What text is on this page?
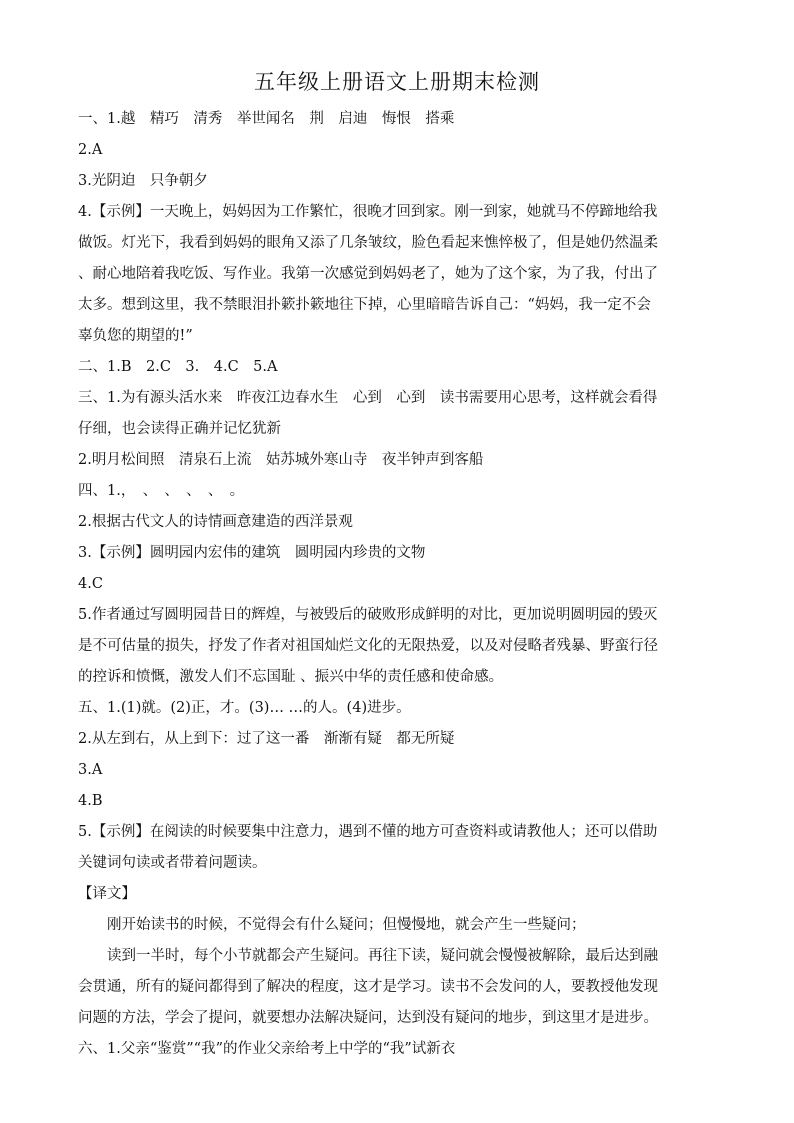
五年级上册语文上册期末检测
一、1.越　精巧　清秀　举世闻名　荆　启迪　悔恨　搭乘
2.A
3.光阴迫　只争朝夕
4.【示例】一天晚上，妈妈因为工作繁忙，很晚才回到家。刚一到家，她就马不停蹄地给我
做饭。灯光下，我看到妈妈的眼角又添了几条皱纹，脸色看起来憔悴极了，但是她仍然温柔
、耐心地陪着我吃饭、写作业。我第一次感觉到妈妈老了，她为了这个家，为了我，付出了
太多。想到这里，我不禁眼泪扑簌扑簌地往下掉，心里暗暗告诉自己：“妈妈，我一定不会
辜负您的期望的!”
二、1.B　2.C　3.　4.C　5.A
三、1.为有源头活水来　昨夜江边春水生　心到　心到　读书需要用心思考，这样就会看得
仔细，也会读得正确并记忆犹新
2.明月松间照　清泉石上流　姑苏城外寒山寺　夜半钟声到客船
四、1.，　、　、　、　、　。
2.根据古代文人的诗情画意建造的西洋景观
3.【示例】圆明园内宏伟的建筑　圆明园内珍贵的文物
4.C
5.作者通过写圆明园昔日的辉煌，与被毁后的破败形成鲜明的对比，更加说明圆明园的毁灭
是不可估量的损失，抒发了作者对祖国灿烂文化的无限热爱，以及对侵略者残暴、野蛮行径
的控诉和愤慨，激发人们不忘国耻 、振兴中华的责任感和使命感。
五、1.(1)就。(2)正，才。(3)… …的人。(4)进步。
2.从左到右，从上到下：过了这一番　渐渐有疑　都无所疑
3.A
4.B
5.【示例】在阅读的时候要集中注意力，遇到不懂的地方可查资料或请教他人；还可以借助
关键词句读或者带着问题读。
【译文】
刚开始读书的时候，不觉得会有什么疑问；但慢慢地，就会产生一些疑问；
读到一半时，每个小节就都会产生疑问。再往下读，疑问就会慢慢被解除，最后达到融
会贯通，所有的疑问都得到了解决的程度，这才是学习。读书不会发问的人，要教授他发现
问题的方法，学会了提问，就要想办法解决疑问，达到没有疑问的地步，到这里才是进步。
六、1.父亲“鉴赏”“我”的作业父亲给考上中学的“我”试新衣
